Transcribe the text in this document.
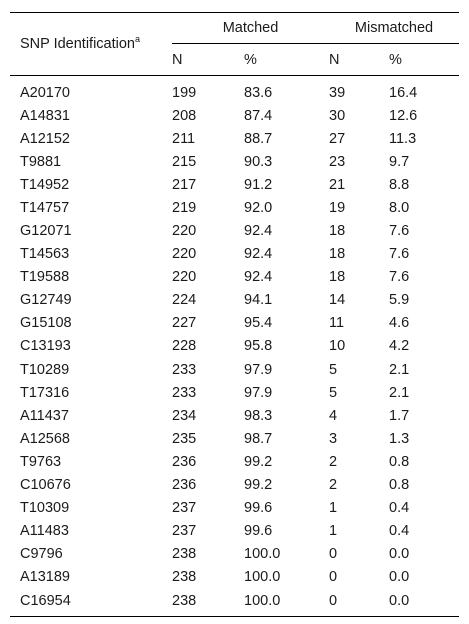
SNP Identification$^a$	Matched		Mismatched	
	N	%	N	%
A20170	199	83.6	39	16.4
A14831	208	87.4	30	12.6
A12152	211	88.7	27	11.3
T9881	215	90.3	23	9.7
T14952	217	91.2	21	8.8
T14757	219	92.0	19	8.0
G12071	220	92.4	18	7.6
T14563	220	92.4	18	7.6
T19588	220	92.4	18	7.6
G12749	224	94.1	14	5.9
G15108	227	95.4	11	4.6
C13193	228	95.8	10	4.2
T10289	233	97.9	5	2.1
T17316	233	97.9	5	2.1
A11437	234	98.3	4	1.7
A12568	235	98.7	3	1.3
T9763	236	99.2	2	0.8
C10676	236	99.2	2	0.8
T10309	237	99.6	1	0.4
A11483	237	99.6	1	0.4
C9796	238	100.0	0	0.0
A13189	238	100.0	0	0.0
C16954	238	100.0	0	0.0
